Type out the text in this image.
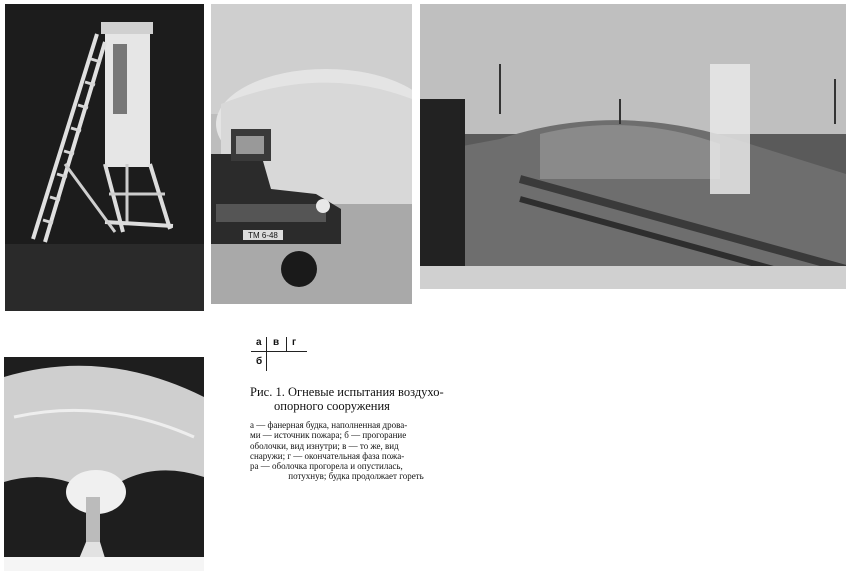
ТМ 6-48
а в г
б
Рис. 1. Огневые испытания воздухо-
опорного сооружения
а — фанерная будка, наполненная дрова-
ми — источник пожара; б — прогорание
оболочки, вид изнутри; в — то же, вид
снаружи; г — окончательная фаза пожа-
ра — оболочка прогорела и опустилась,
потухнув; будка продолжает гореть
